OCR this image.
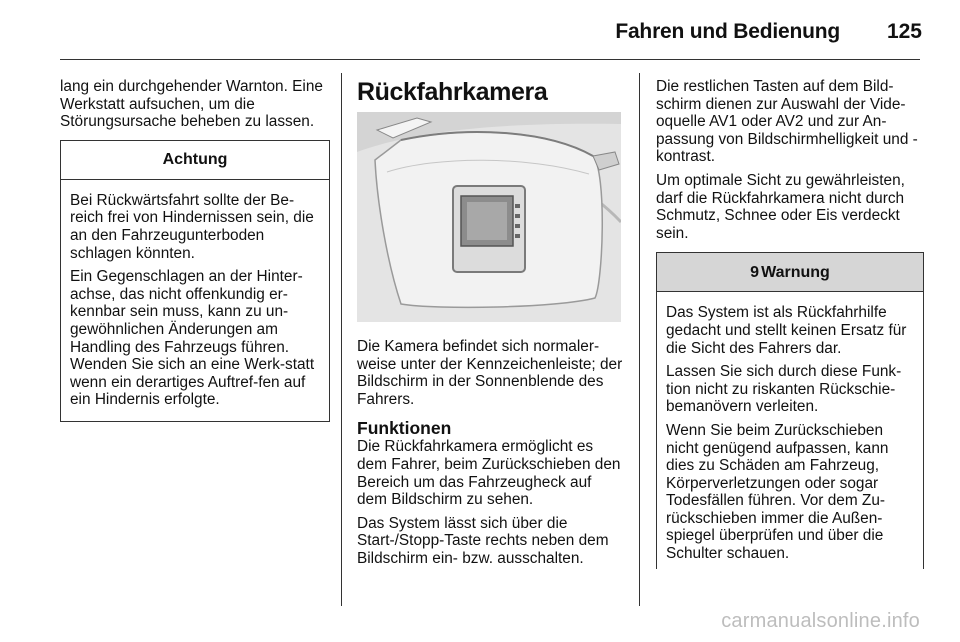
Fahren und Bedienung	125

lang ein durchgehender Warnton. Eine Werkstatt aufsuchen, um die Störungsursache beheben zu lassen.

Achtung

Bei Rückwärtsfahrt sollte der Be-reich frei von Hindernissen sein, die an den Fahrzeugunterboden schlagen könnten.

Ein Gegenschlagen an der Hinter-achse, das nicht offenkundig er-kennbar sein muss, kann zu un-gewöhnlichen Änderungen am Handling des Fahrzeugs führen. Wenden Sie sich an eine Werk-statt wenn ein derartiges Auftref-fen auf ein Hindernis erfolgte.

Rückfahrkamera

Die Kamera befindet sich normaler-weise unter der Kennzeichenleiste; der Bildschirm in der Sonnenblende des Fahrers.

Funktionen

Die Rückfahrkamera ermöglicht es dem Fahrer, beim Zurückschieben den Bereich um das Fahrzeugheck auf dem Bildschirm zu sehen.

Das System lässt sich über die Start-/Stopp-Taste rechts neben dem Bildschirm ein- bzw. ausschalten.

Die restlichen Tasten auf dem Bild-schirm dienen zur Auswahl der Vide-oquelle AV1 oder AV2 und zur An-passung von Bildschirmhelligkeit und -kontrast.

Um optimale Sicht zu gewährleisten, darf die Rückfahrkamera nicht durch Schmutz, Schnee oder Eis verdeckt sein.

9 Warnung

Das System ist als Rückfahrhilfe gedacht und stellt keinen Ersatz für die Sicht des Fahrers dar.

Lassen Sie sich durch diese Funk-tion nicht zu riskanten Rückschie-bemanövern verleiten.

Wenn Sie beim Zurückschieben nicht genügend aufpassen, kann dies zu Schäden am Fahrzeug, Körperverletzungen oder sogar Todesfällen führen. Vor dem Zu-rückschieben immer die Außen-spiegel überprüfen und über die Schulter schauen.

carmanualsonline.info
